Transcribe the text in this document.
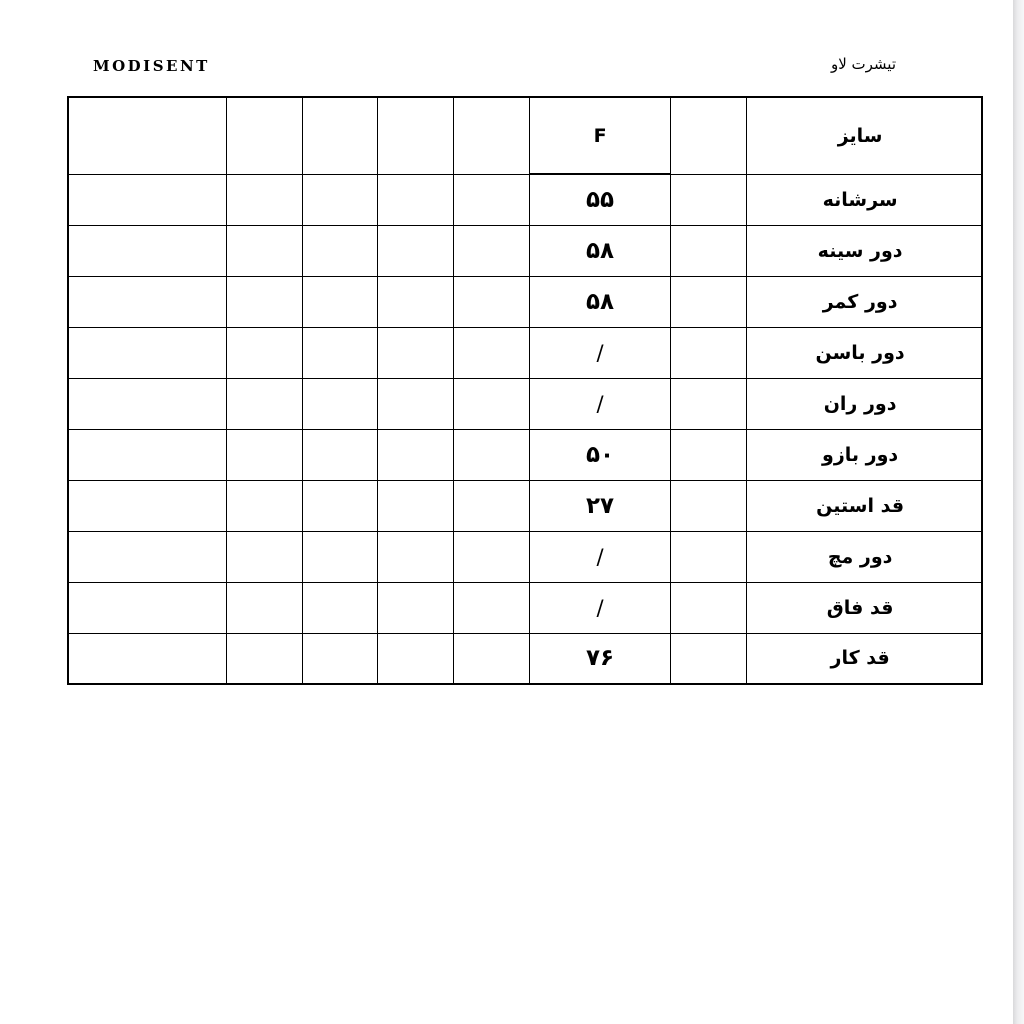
MODISENT	تیشرت لاو
					F		سایز
					۵۵		سرشانه
					۵۸		دور سینه
					۵۸		دور کمر
					/		دور باسن
					/		دور ران
					۵۰		دور بازو
					۲۷		قد استین
					/		دور مچ
					/		قد فاق
					۷۶		قد کار
